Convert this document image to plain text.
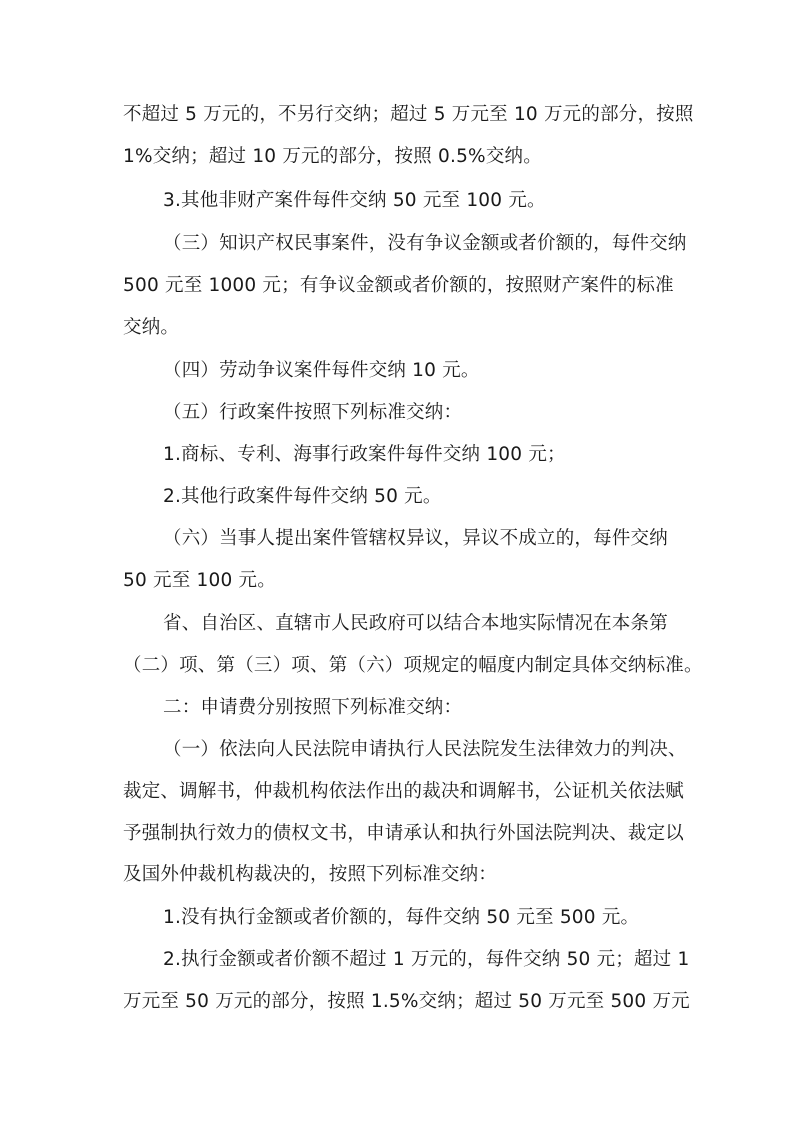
不超过 5 万元的，不另行交纳；超过 5 万元至 10 万元的部分，按照
1%交纳；超过 10 万元的部分，按照 0.5%交纳。
3.其他非财产案件每件交纳 50 元至 100 元。
（三）知识产权民事案件，没有争议金额或者价额的，每件交纳
500 元至 1000 元；有争议金额或者价额的，按照财产案件的标准
交纳。
（四）劳动争议案件每件交纳 10 元。
（五）行政案件按照下列标准交纳：
1.商标、专利、海事行政案件每件交纳 100 元；
2.其他行政案件每件交纳 50 元。
（六）当事人提出案件管辖权异议，异议不成立的，每件交纳
50 元至 100 元。
省、自治区、直辖市人民政府可以结合本地实际情况在本条第
（二）项、第（三）项、第（六）项规定的幅度内制定具体交纳标准。
二：申请费分别按照下列标准交纳：
（一）依法向人民法院申请执行人民法院发生法律效力的判决、
裁定、调解书，仲裁机构依法作出的裁决和调解书，公证机关依法赋
予强制执行效力的债权文书，申请承认和执行外国法院判决、裁定以
及国外仲裁机构裁决的，按照下列标准交纳：
1.没有执行金额或者价额的，每件交纳 50 元至 500 元。
2.执行金额或者价额不超过 1 万元的，每件交纳 50 元；超过 1
万元至 50 万元的部分，按照 1.5%交纳；超过 50 万元至 500 万元
